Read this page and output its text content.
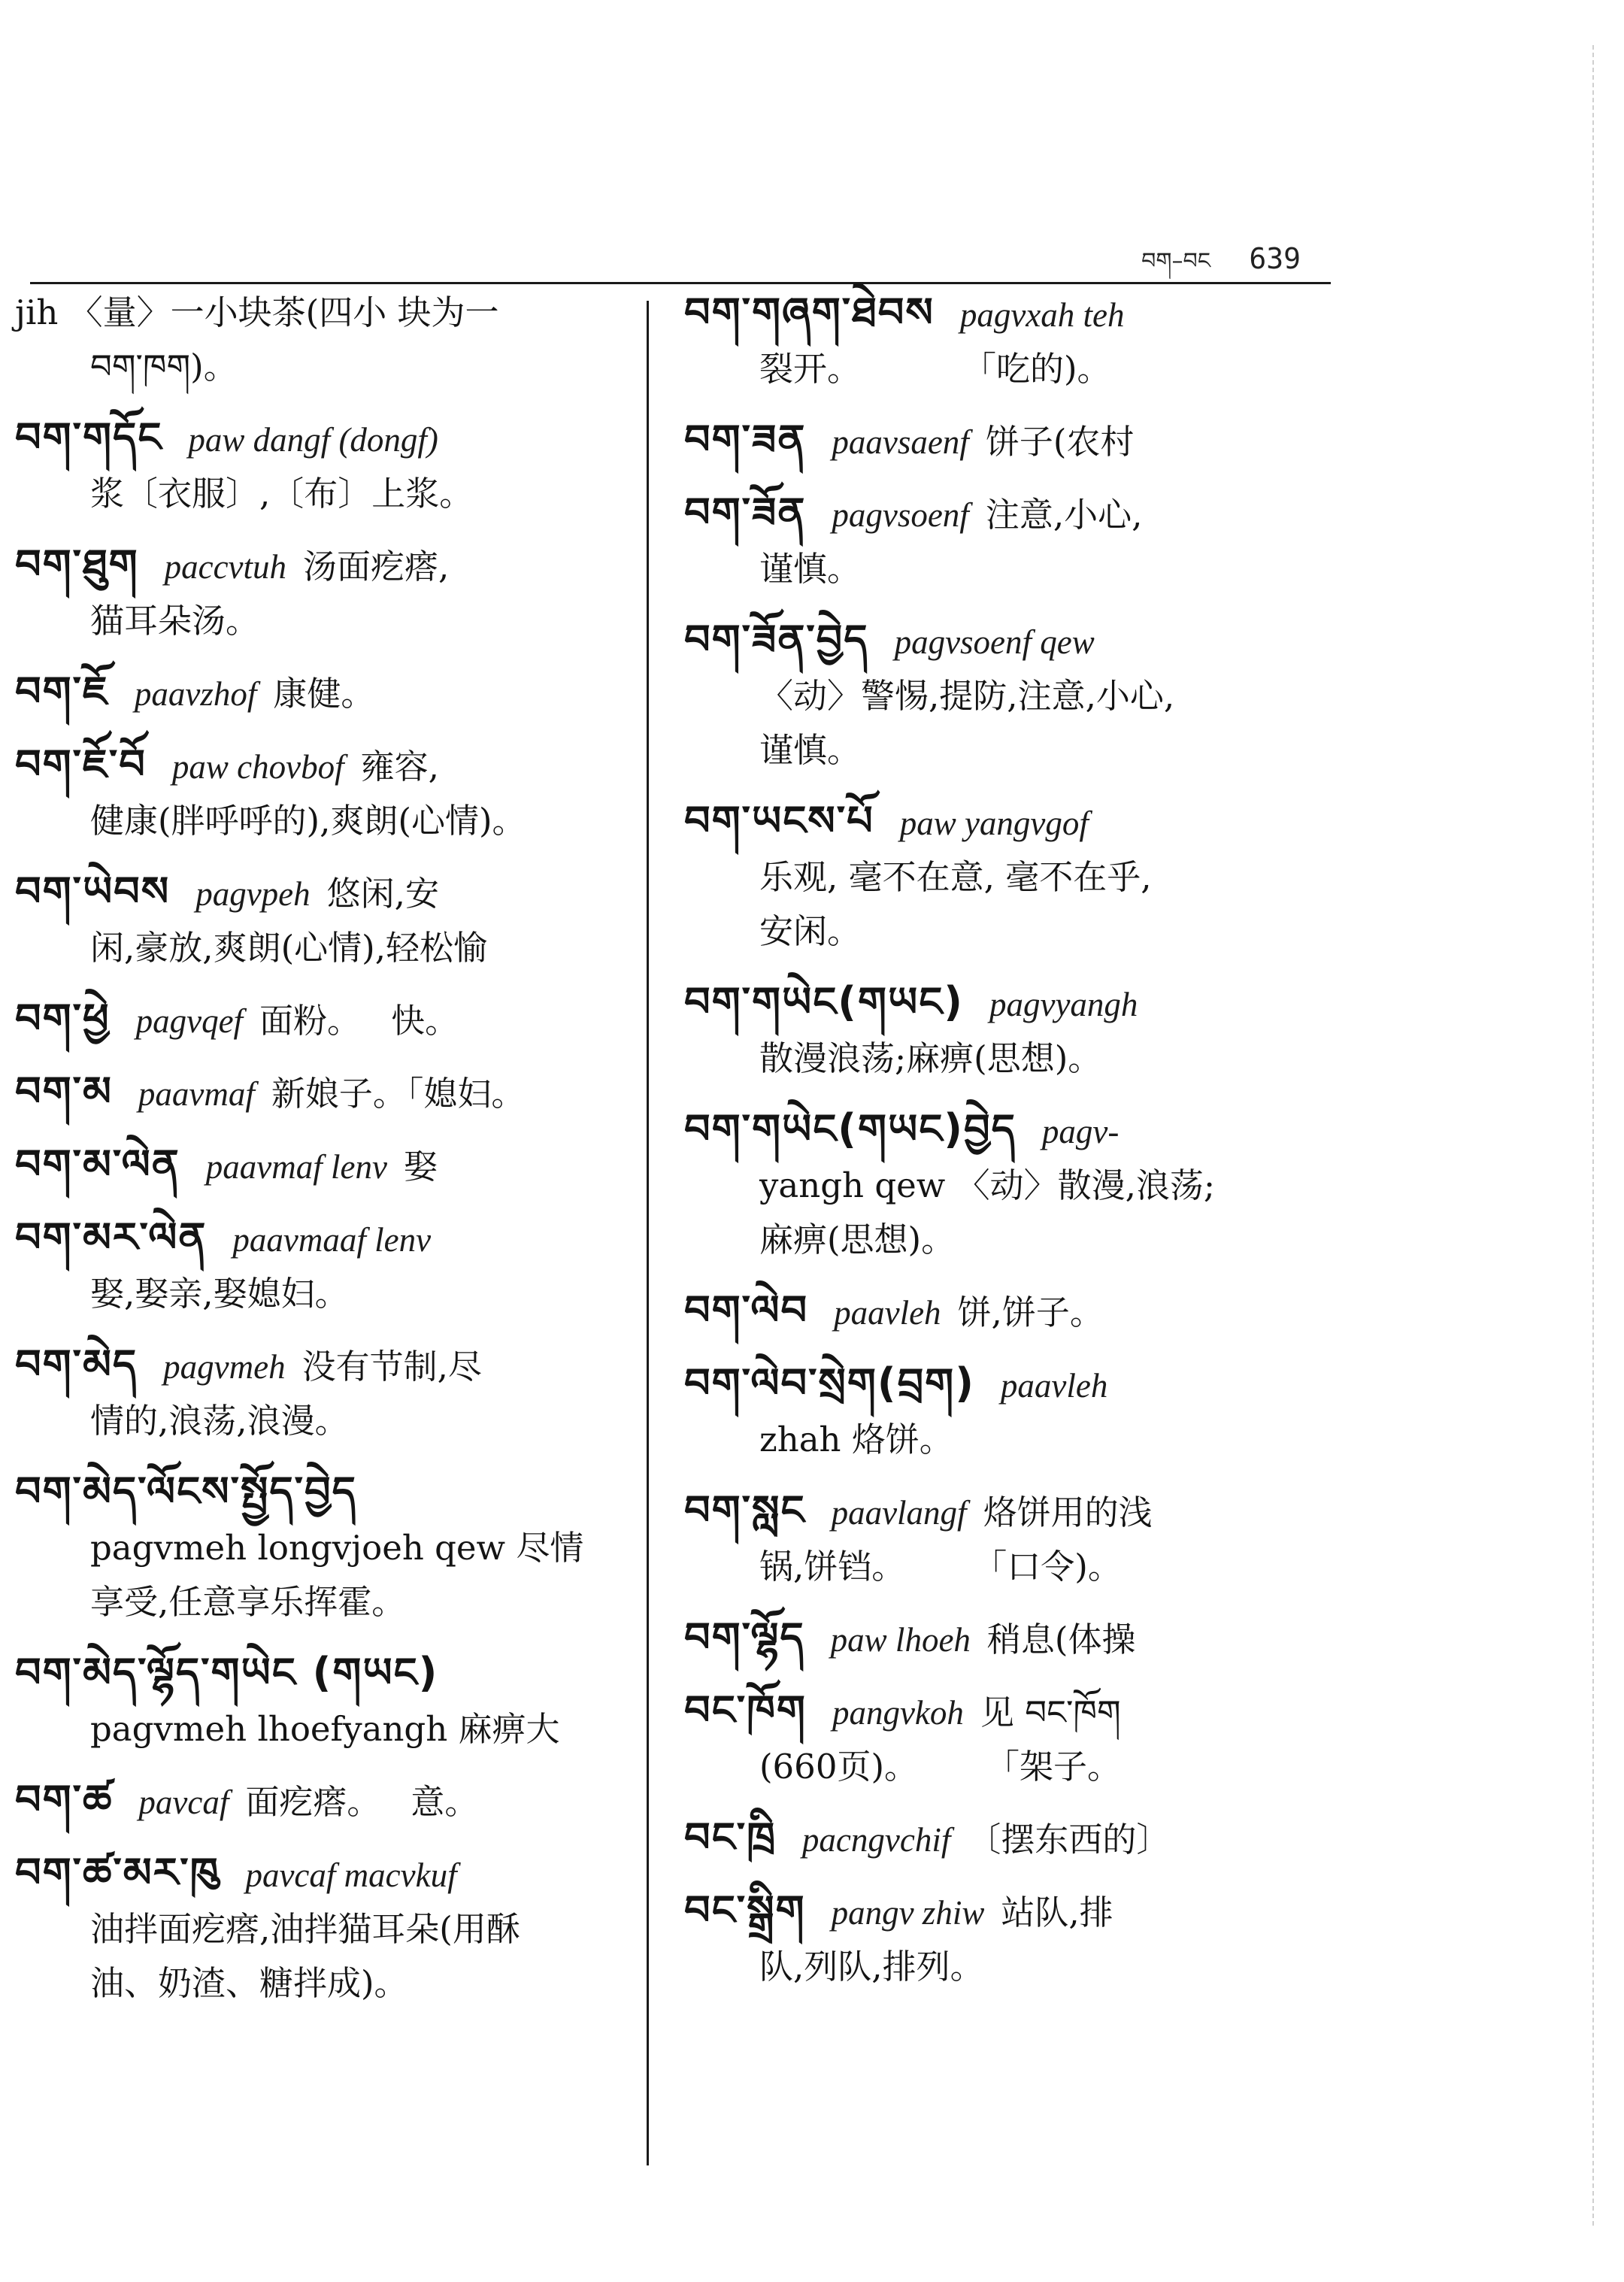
བག–བང 639
jih 〈量〉一小块茶(四小 块为一
བག་ཁག)。
བག་གདོང paw dangf (dongf)
浆〔衣服〕,〔布〕上浆。
བག་ཐུག paccvtuh 汤面疙瘩,
猫耳朵汤。
བག་ཇོ paavzhof 康健。
བག་ཇོ་བོ paw chovbof 雍容,
健康(胖呼呼的),爽朗(心情)。
བག་ཡེབས pagvpeh 悠闲,安
闲,豪放,爽朗(心情),轻松愉
བག་ཕྱེ pagvqef 面粉。 快。
བག་མ paavmaf 新娘子。「媳妇。
བག་མ་ལེན paavmaf lenv 娶
བག་མར་ལེན paavmaaf lenv
娶,娶亲,娶媳妇。
བག་མེད pagvmeh 没有节制,尽
情的,浪荡,浪漫。
བག་མེད་ལོངས་སྤྱོད་བྱེད
pagvmeh longvjoeh qew 尽情
享受,任意享乐挥霍。
བག་མེད་ལྷོད་གཡེང (གཡང)
pagvmeh lhoefyangh 麻痹大
བག་ཚ pavcaf 面疙瘩。 意。
བག་ཚ་མར་ཁུ pavcaf macvkuf
油拌面疙瘩,油拌猫耳朵(用酥
油、奶渣、糖拌成)。
བག་གཞག་ཐེབས pagvxah teh
裂开。　　　　「吃的)。
བག་ཟན paavsaenf 饼子(农村
བག་ཟོན pagvsoenf 注意,小心,
谨慎。
བག་ཟོན་བྱེད pagvsoenf qew
〈动〉警惕,提防,注意,小心,
谨慎。
བག་ཡངས་པོ paw yangvgof
乐观, 毫不在意, 毫不在乎,
安闲。
བག་གཡེང(གཡང) pagvyangh
散漫浪荡;麻痹(思想)。
བག་གཡེང(གཡང)བྱེད pagv-
yangh qew 〈动〉散漫,浪荡;
麻痹(思想)。
བག་ལེབ paavleh 饼,饼子。
བག་ལེབ་སྲེག(བྲག) paavleh
zhah 烙饼。
བག་སླང paavlangf 烙饼用的浅
锅,饼铛。　　　「口令)。
བག་ལྷོད paw lhoeh 稍息(体操
བང་ཁོག pangvkoh 见 བང་ཁོག
(660页)。　　　「架子。
བང་ཁྲི pacngvchif 〔摆东西的〕
བང་སྒྲིག pangv zhiw 站队,排
队,列队,排列。
